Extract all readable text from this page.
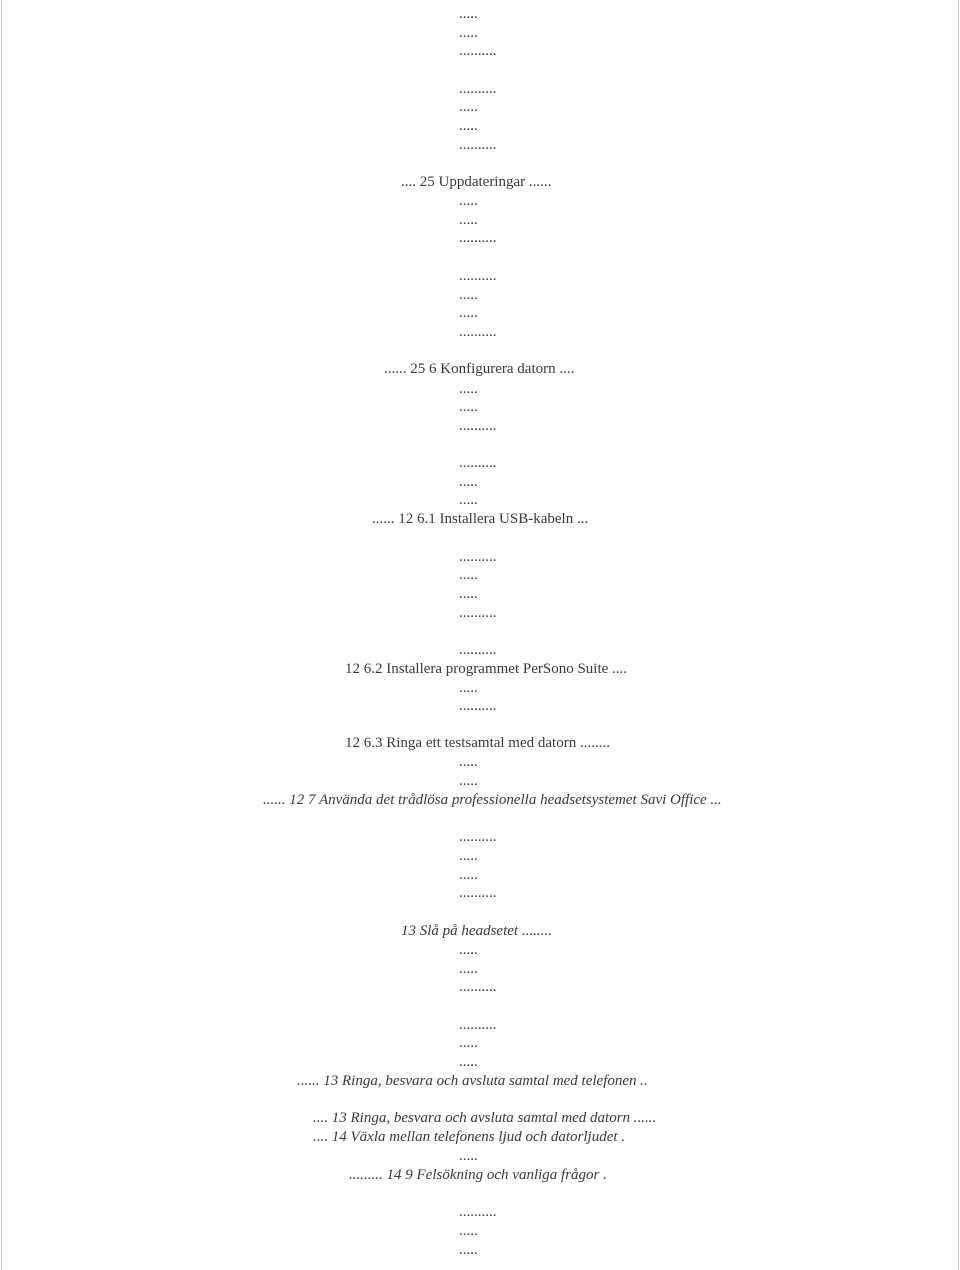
.....
.....
..........
..........
.....
.....
..........
.... 25 Uppdateringar ......
.....
.....
..........
..........
.....
.....
..........
...... 25 6 Konfigurera datorn ....
.....
.....
..........
..........
.....
.....
...... 12 6.1 Installera USB-kabeln ...
..........
.....
.....
..........
..........
12 6.2 Installera programmet PerSono Suite ....
.....
..........
12 6.3 Ringa ett testsamtal med datorn ........
.....
.....
...... 12 7 Använda det trådlösa professionella headsetsystemet Savi Office ...
..........
.....
.....
..........
13 Slå på headsetet ........
.....
.....
..........
..........
.....
.....
...... 13 Ringa, besvara och avsluta samtal med telefonen ..
.... 13 Ringa, besvara och avsluta samtal med datorn ......
.... 14 Växla mellan telefonens ljud och datorljudet .
.....
......... 14 9 Felsökning och vanliga frågor .
..........
.....
.....
